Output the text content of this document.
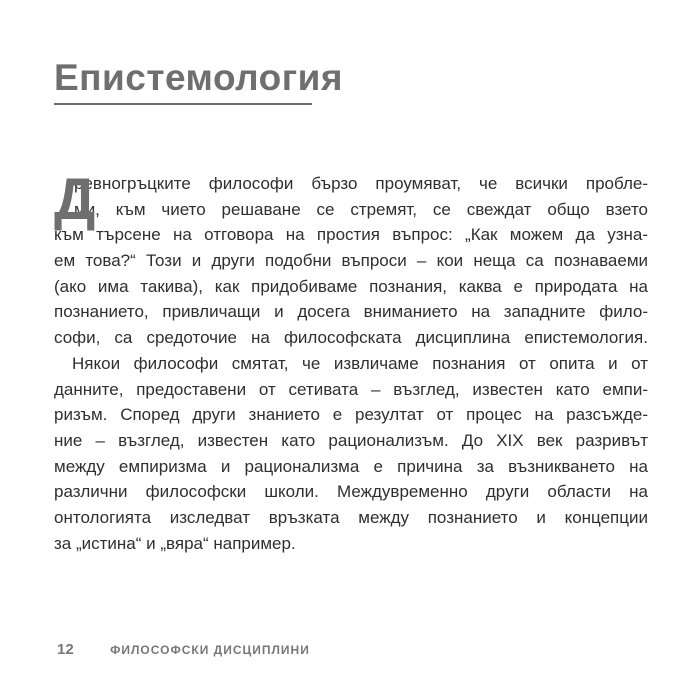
Епистемология
Д
ревногръцките философи бързо проумяват, че всички пробле-
ми, към чието решаване се стремят, се свеждат общо взето
към търсене на отговора на простия въпрос: „Как можем да узна-
ем това?“ Този и други подобни въпроси – кои неща са познаваеми
(ако има такива), как придобиваме познания, каква е природата на
познанието, привличащи и досега вниманието на западните фило-
софи, са средоточие на философската дисциплина епистемология.
Някои философи смятат, че извличаме познания от опита и от
данните, предоставени от сетивата – възглед, известен като емпи-
ризъм. Според други знанието е резултат от процес на разсъжде-
ние – възглед, известен като рационализъм. До XIX век разривът
между емпиризма и рационализма е причина за възникването на
различни философски школи. Междувременно други области на
онтологията изследват връзката между познанието и концепции
за „истина“ и „вяра“ например.
12	ФИЛОСОФСКИ ДИСЦИПЛИНИ
